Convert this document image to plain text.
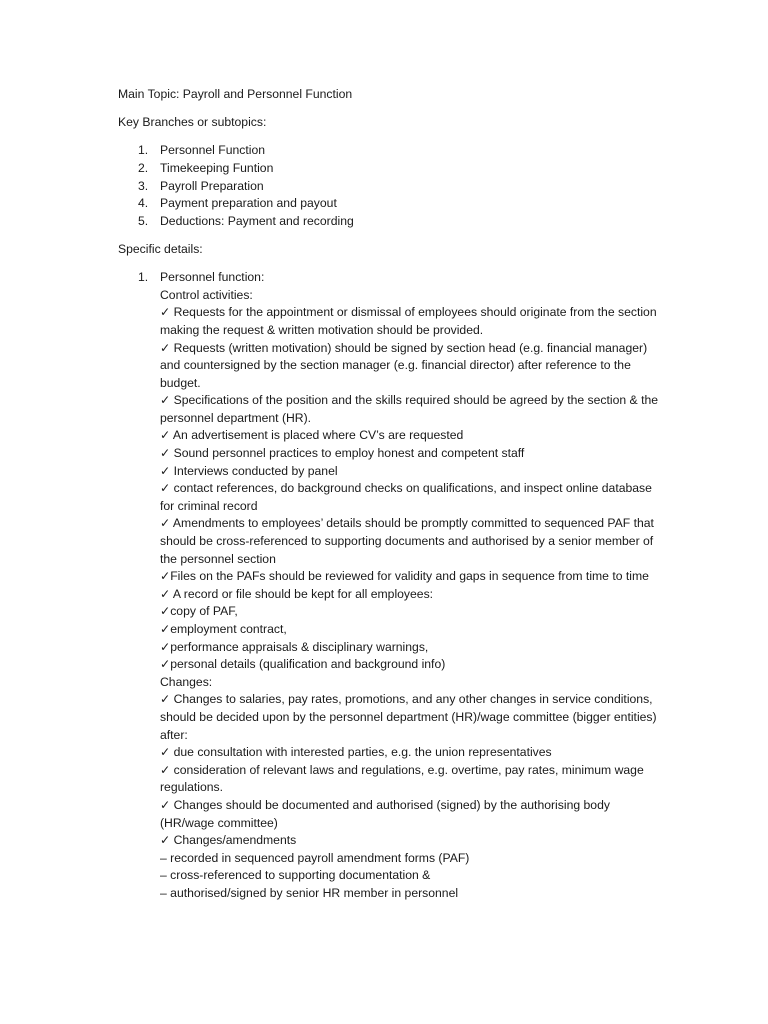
Main Topic: Payroll and Personnel Function

Key Branches or subtopics:

1. Personnel Function
2. Timekeeping Funtion
3. Payroll Preparation
4. Payment preparation and payout
5. Deductions: Payment and recording

Specific details:

1. Personnel function:
Control activities:
✓ Requests for the appointment or dismissal of employees should originate from the section making the request & written motivation should be provided.
✓ Requests (written motivation) should be signed by section head (e.g. financial manager) and countersigned by the section manager (e.g. financial director) after reference to the budget.
✓ Specifications of the position and the skills required should be agreed by the section & the personnel department (HR).
✓ An advertisement is placed where CV’s are requested
✓ Sound personnel practices to employ honest and competent staff
✓ Interviews conducted by panel
✓ contact references, do background checks on qualifications, and inspect online database for criminal record
✓ Amendments to employees’ details should be promptly committed to sequenced PAF that should be cross-referenced to supporting documents and authorised by a senior member of the personnel section
✓Files on the PAFs should be reviewed for validity and gaps in sequence from time to time
✓ A record or file should be kept for all employees:
✓copy of PAF,
✓employment contract,
✓performance appraisals & disciplinary warnings,
✓personal details (qualification and background info)
Changes:
✓ Changes to salaries, pay rates, promotions, and any other changes in service conditions, should be decided upon by the personnel department (HR)/wage committee (bigger entities) after:
✓ due consultation with interested parties, e.g. the union representatives
✓ consideration of relevant laws and regulations, e.g. overtime, pay rates, minimum wage regulations.
✓ Changes should be documented and authorised (signed) by the authorising body (HR/wage committee)
✓ Changes/amendments
– recorded in sequenced payroll amendment forms (PAF)
– cross-referenced to supporting documentation &
– authorised/signed by senior HR member in personnel
